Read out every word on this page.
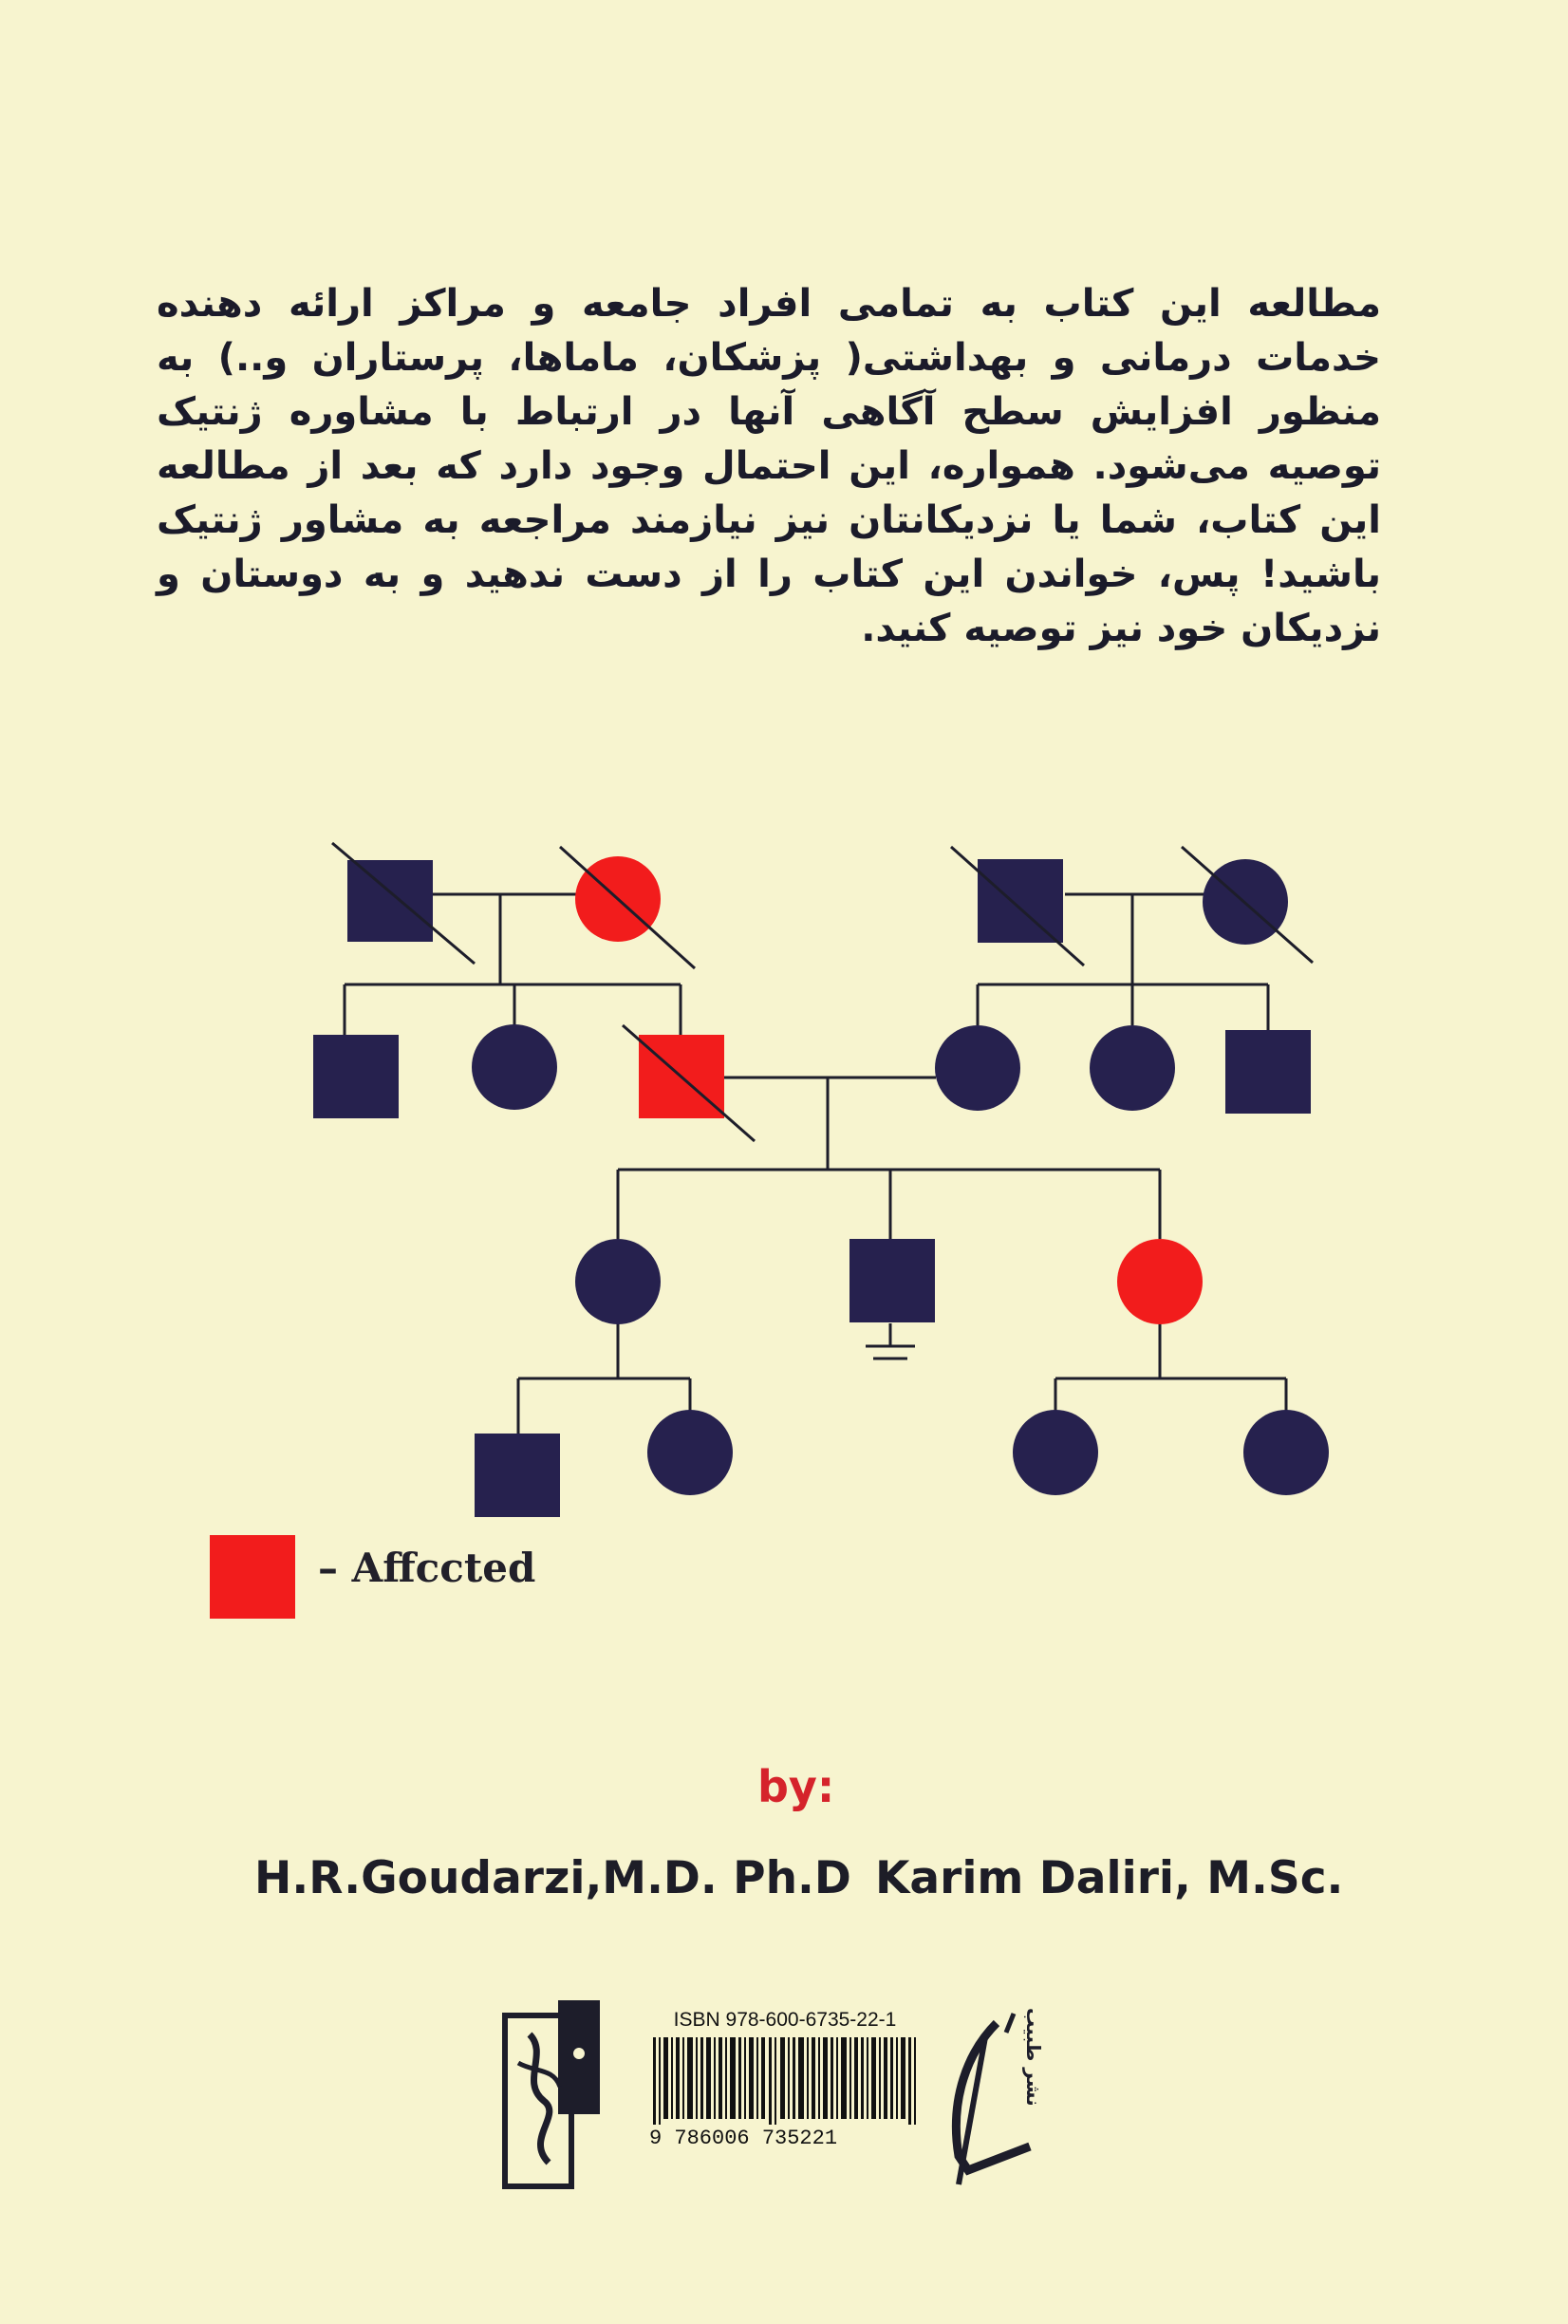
مطالعه این کتاب به تمامی افراد جامعه و مراکز ارائه دهنده خدمات درمانی و بهداشتی( پزشکان، ماماها، پرستاران و..) به منظور افزایش سطح آگاهی آنها در ارتباط با مشاوره ژنتیک توصیه می‌شود. همواره، این احتمال وجود دارد که بعد از مطالعه این کتاب، شما یا نزدیکانتان نیز نیازمند مراجعه به مشاور ژنتیک باشید! پس، خواندن این کتاب را از دست ندهید و به دوستان و نزدیکان خود نیز توصیه کنید.
– Affccted
by:
H.R.Goudarzi,M.D. Ph.D Karim Daliri, M.Sc.
ISBN 978-600-6735-22-1
9 786006 735221
نشر طبیب
